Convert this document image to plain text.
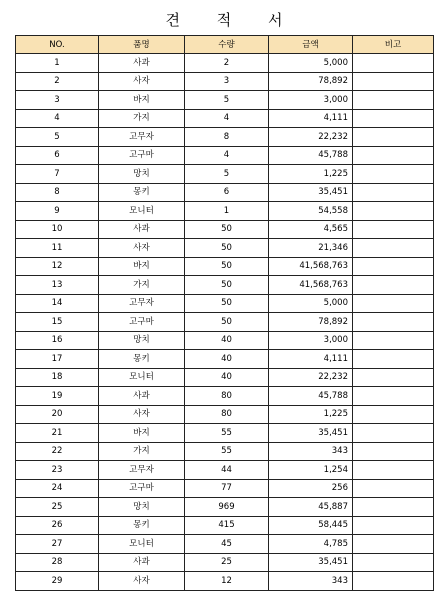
견 적 서
NO.	품명	수량	금액	비고
1	사과	2	5,000	
2	사자	3	78,892	
3	바지	5	3,000	
4	가지	4	4,111	
5	고무자	8	22,232	
6	고구마	4	45,788	
7	망치	5	1,225	
8	몽키	6	35,451	
9	모니터	1	54,558	
10	사과	50	4,565	
11	사자	50	21,346	
12	바지	50	41,568,763	
13	가지	50	41,568,763	
14	고무자	50	5,000	
15	고구마	50	78,892	
16	망치	40	3,000	
17	몽키	40	4,111	
18	모니터	40	22,232	
19	사과	80	45,788	
20	사자	80	1,225	
21	바지	55	35,451	
22	가지	55	343	
23	고무자	44	1,254	
24	고구마	77	256	
25	망치	969	45,887	
26	몽키	415	58,445	
27	모니터	45	4,785	
28	사과	25	35,451	
29	사자	12	343	
